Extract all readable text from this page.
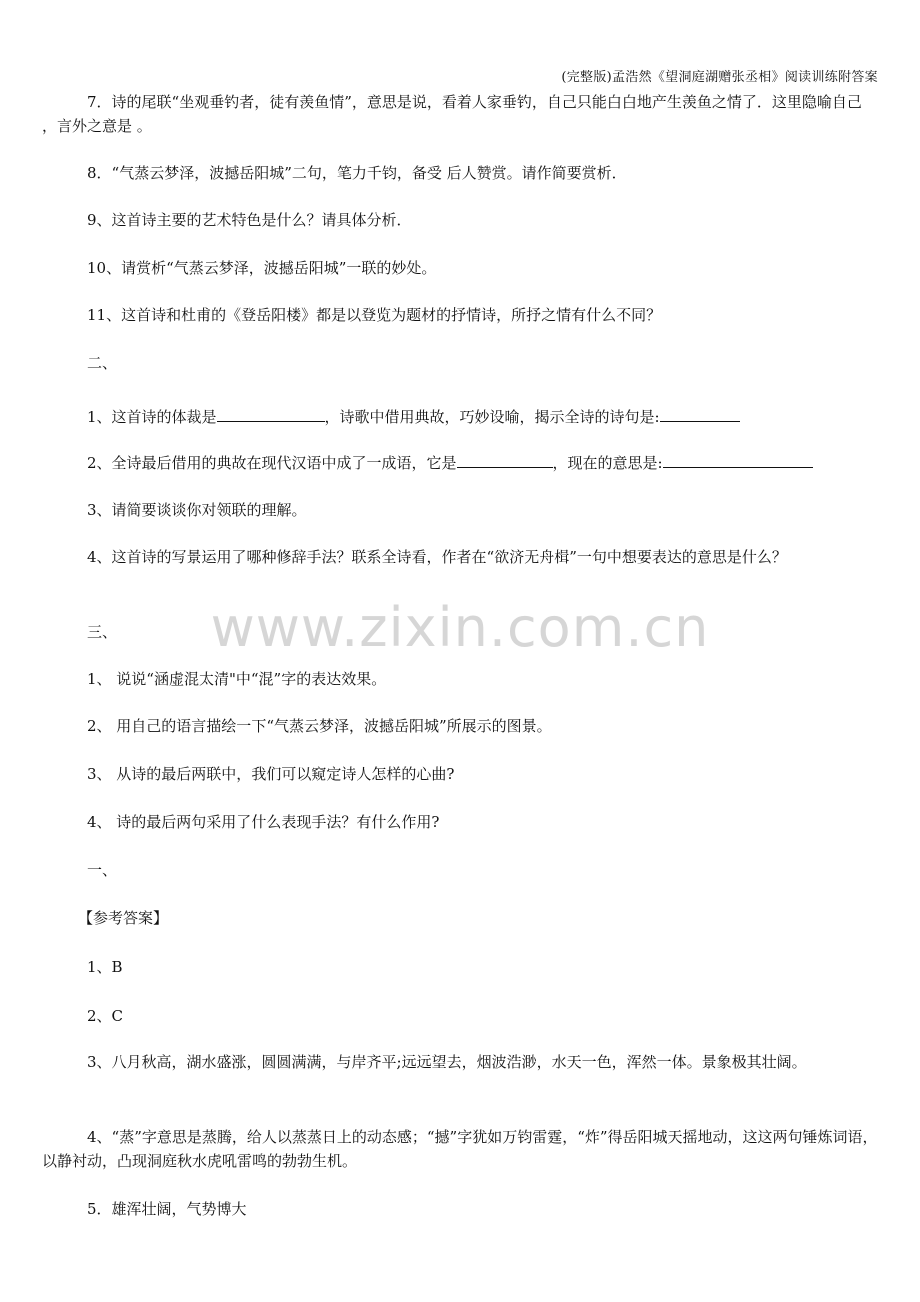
(完整版)孟浩然《望洞庭湖赠张丞相》阅读训练附答案
www.zixin.com.cn
7．诗的尾联“坐观垂钓者，徒有羡鱼情”，意思是说，看着人家垂钓，自己只能白白地产生羡鱼之情了．这里隐喻自己 ，言外之意是 。
8．“气蒸云梦泽，波撼岳阳城”二句，笔力千钧，备受 后人赞赏。请作简要赏析．
9、这首诗主要的艺术特色是什么？请具体分析．
10、请赏析“气蒸云梦泽，波撼岳阳城”一联的妙处。
11、这首诗和杜甫的《登岳阳楼》都是以登览为题材的抒情诗，所抒之情有什么不同？
二、
1、这首诗的体裁是	，诗歌中借用典故，巧妙设喻，揭示全诗的诗句是:
2、全诗最后借用的典故在现代汉语中成了一成语，它是	，现在的意思是:
3、请简要谈谈你对领联的理解。
4、这首诗的写景运用了哪种修辞手法？联系全诗看，作者在“欲济无舟楫”一句中想要表达的意思是什么？
三、
1、 说说“涵虚混太清"中“混”字的表达效果。
2、 用自己的语言描绘一下“气蒸云梦泽，波撼岳阳城”所展示的图景。
3、 从诗的最后两联中，我们可以窥定诗人怎样的心曲?
4、 诗的最后两句采用了什么表现手法？有什么作用?
一、
【参考答案】
1、B
2、C
3、八月秋高，湖水盛涨，圆圆满满，与岸齐平;远远望去，烟波浩渺，水天一色，浑然一体。景象极其壮阔。
4、“蒸”字意思是蒸腾，给人以蒸蒸日上的动态感；“撼”字犹如万钧雷霆，“炸”得岳阳城天摇地动，这这两句锤炼词语，以静衬动，凸现洞庭秋水虎吼雷鸣的勃勃生机。
5．雄浑壮阔，气势博大
